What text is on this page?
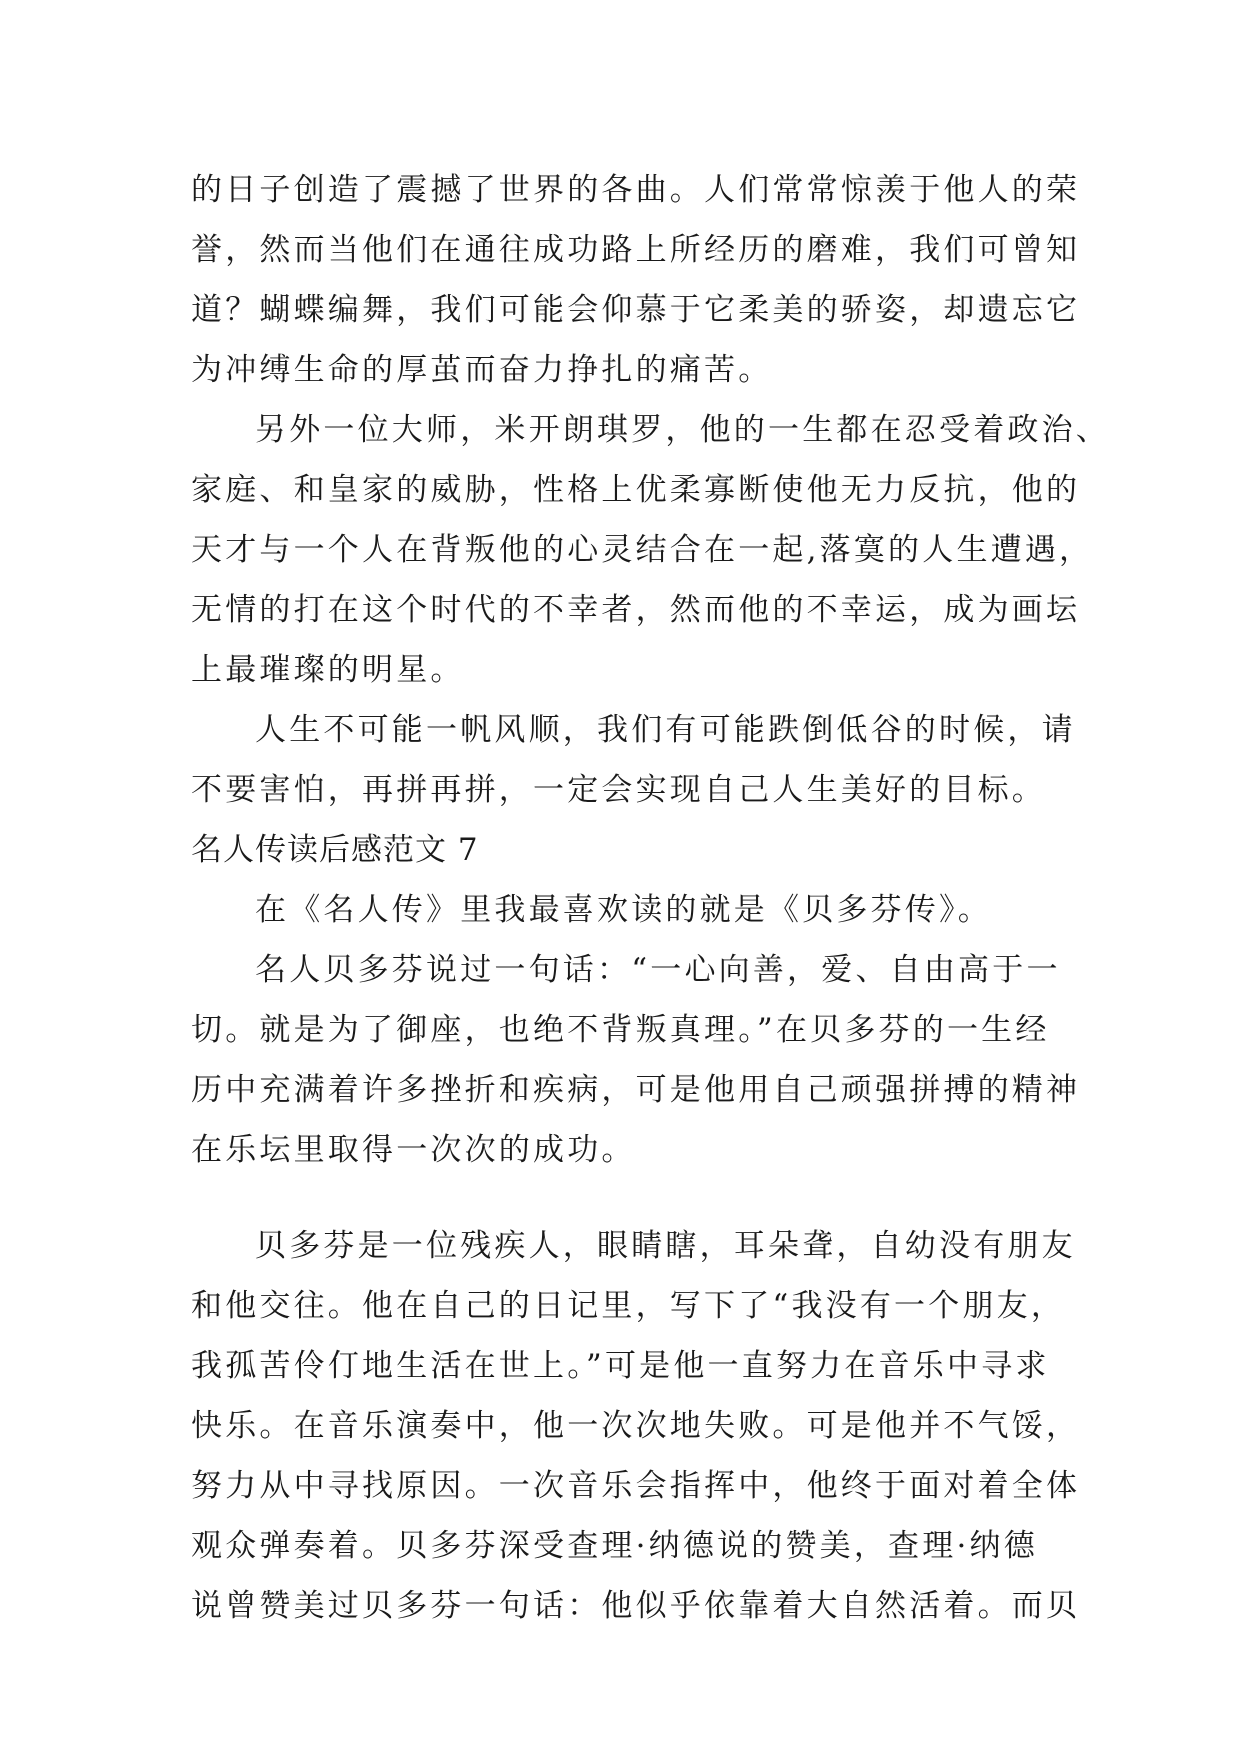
的日子创造了震撼了世界的各曲。人们常常惊羡于他人的荣
誉，然而当他们在通往成功路上所经历的磨难，我们可曾知
道？蝴蝶编舞，我们可能会仰慕于它柔美的骄姿，却遗忘它
为冲缚生命的厚茧而奋力挣扎的痛苦。
另外一位大师，米开朗琪罗，他的一生都在忍受着政治、
家庭、和皇家的威胁，性格上优柔寡断使他无力反抗，他的
天才与一个人在背叛他的心灵结合在一起,落寞的人生遭遇，
无情的打在这个时代的不幸者，然而他的不幸运，成为画坛
上最璀璨的明星。
人生不可能一帆风顺，我们有可能跌倒低谷的时候，请
不要害怕，再拼再拼，一定会实现自己人生美好的目标。
名人传读后感范文 7
在《名人传》里我最喜欢读的就是《贝多芬传》。
名人贝多芬说过一句话：“一心向善，爱、自由高于一
切。就是为了御座，也绝不背叛真理。”在贝多芬的一生经
历中充满着许多挫折和疾病，可是他用自己顽强拼搏的精神
在乐坛里取得一次次的成功。
贝多芬是一位残疾人，眼睛瞎，耳朵聋，自幼没有朋友
和他交往。他在自己的日记里，写下了“我没有一个朋友，
我孤苦伶仃地生活在世上。”可是他一直努力在音乐中寻求
快乐。在音乐演奏中，他一次次地失败。可是他并不气馁，
努力从中寻找原因。一次音乐会指挥中，他终于面对着全体
观众弹奏着。贝多芬深受查理·纳德说的赞美，查理·纳德
说曾赞美过贝多芬一句话：他似乎依靠着大自然活着。而贝
